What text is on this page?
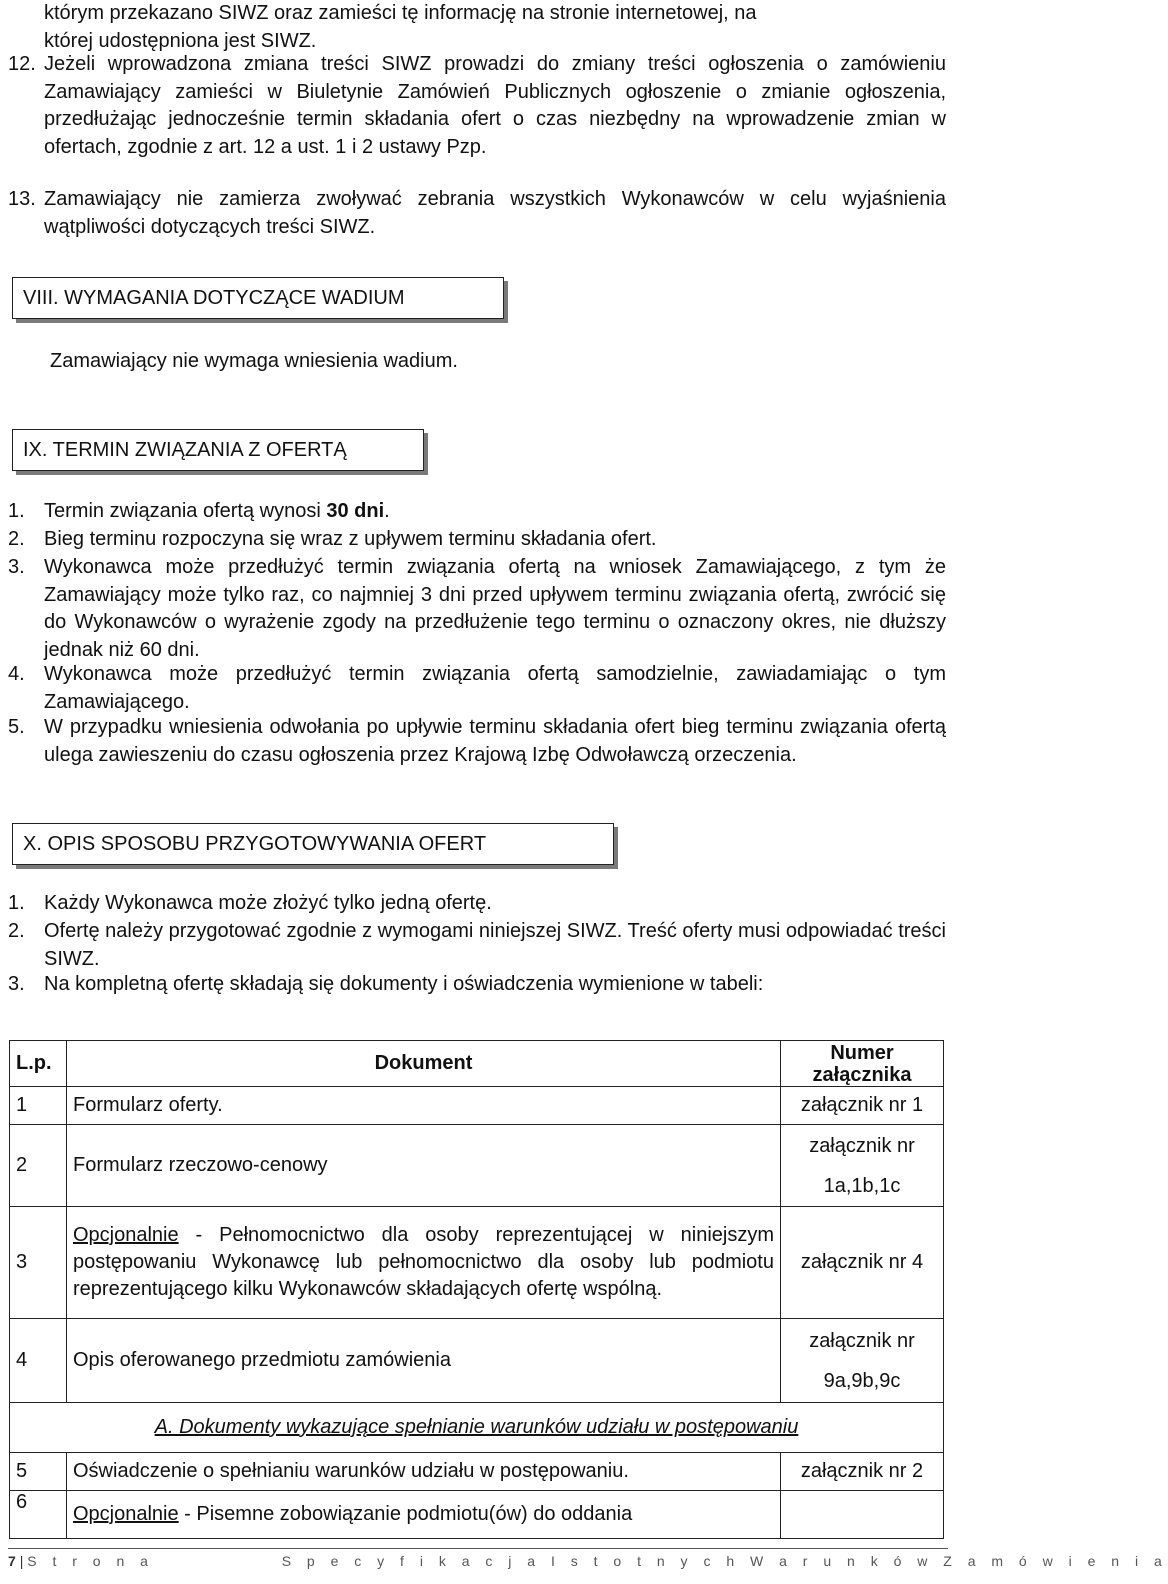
którym przekazano SIWZ oraz zamieści tę informację na stronie internetowej, na
której udostępniona jest SIWZ.
12. Jeżeli wprowadzona zmiana treści SIWZ prowadzi do zmiany treści ogłoszenia o zamówieniu Zamawiający zamieści w Biuletynie Zamówień Publicznych ogłoszenie o zmianie ogłoszenia, przedłużając jednocześnie termin składania ofert o czas niezbędny na wprowadzenie zmian w ofertach, zgodnie z art. 12 a ust. 1 i 2 ustawy Pzp.
13. Zamawiający nie zamierza zwoływać zebrania wszystkich Wykonawców w celu wyjaśnienia wątpliwości dotyczących treści SIWZ.
VIII. WYMAGANIA DOTYCZĄCE WADIUM
Zamawiający nie wymaga wniesienia wadium.
IX. TERMIN ZWIĄZANIA Z OFERTĄ
1. Termin związania ofertą wynosi 30 dni.
2. Bieg terminu rozpoczyna się wraz z upływem terminu składania ofert.
3. Wykonawca może przedłużyć termin związania ofertą na wniosek Zamawiającego, z tym że Zamawiający może tylko raz, co najmniej 3 dni przed upływem terminu związania ofertą, zwrócić się do Wykonawców o wyrażenie zgody na przedłużenie tego terminu o oznaczony okres, nie dłuższy jednak niż 60 dni.
4. Wykonawca może przedłużyć termin związania ofertą samodzielnie, zawiadamiając o tym Zamawiającego.
5. W przypadku wniesienia odwołania po upływie terminu składania ofert bieg terminu związania ofertą ulega zawieszeniu do czasu ogłoszenia przez Krajową Izbę Odwoławczą orzeczenia.
X. OPIS SPOSOBU PRZYGOTOWYWANIA OFERT
1. Każdy Wykonawca może złożyć tylko jedną ofertę.
2. Ofertę należy przygotować zgodnie z wymogami niniejszej SIWZ. Treść oferty musi odpowiadać treści SIWZ.
3. Na kompletną ofertę składają się dokumenty i oświadczenia wymienione w tabeli:
L.p.	Dokument	Numer
załącznika
1	Formularz oferty.	załącznik nr 1
2	Formularz rzeczowo-cenowy	załącznik nr
1a,1b,1c
3	Opcjonalnie - Pełnomocnictwo dla osoby reprezentującej w niniejszym postępowaniu Wykonawcę lub pełnomocnictwo dla osoby lub podmiotu reprezentującego kilku Wykonawców składających ofertę wspólną.	załącznik nr 4
4	Opis oferowanego przedmiotu zamówienia	załącznik nr
9a,9b,9c
A. Dokumenty wykazujące spełnianie warunków udziału w postępowaniu		
5	Oświadczenie o spełnianiu warunków udziału w postępowaniu.	załącznik nr 2
6	Opcjonalnie - Pisemne zobowiązanie podmiotu(ów) do oddania	
7 | S t r o n a	S p e c y f i k a c j a I s t o t n y c h W a r u n k ó w Z a m ó w i e n i a
